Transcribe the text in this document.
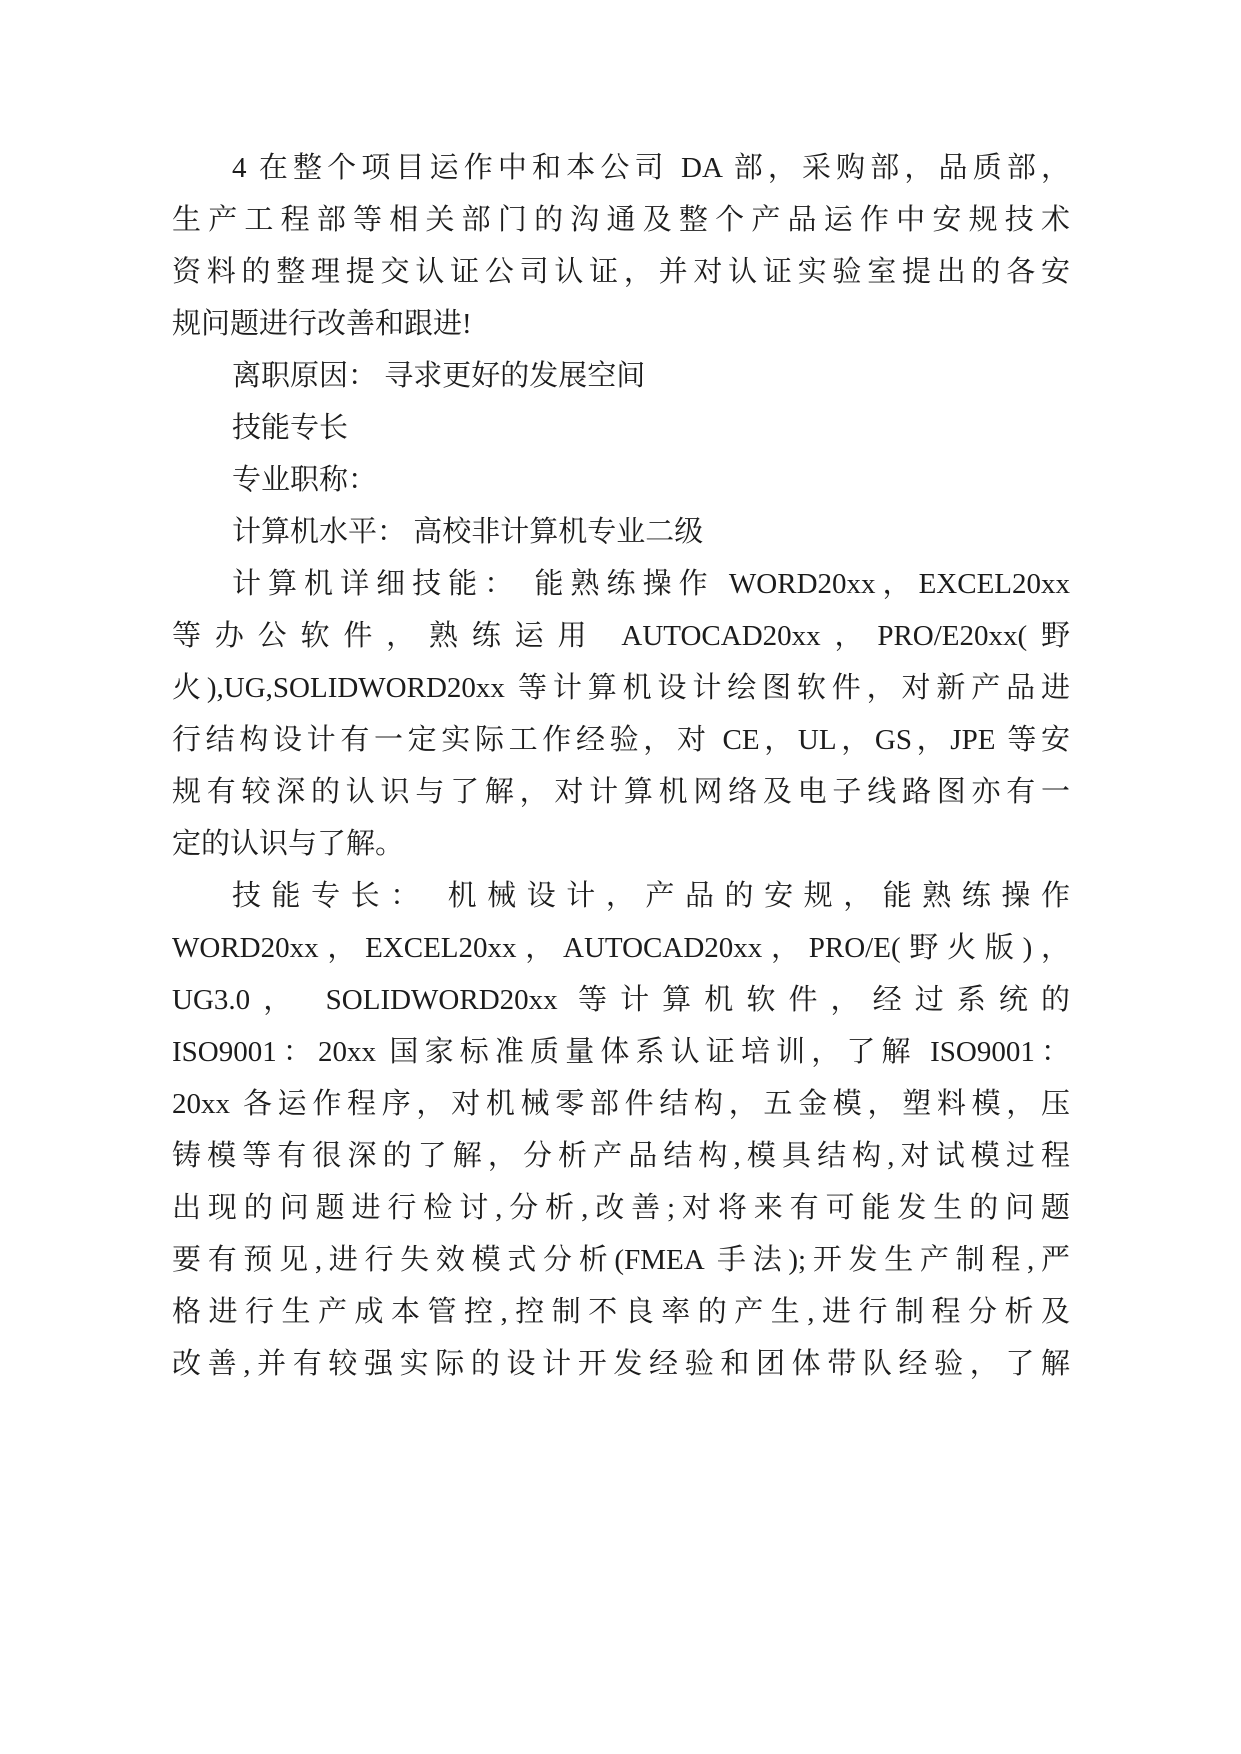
4 在整个项目运作中和本公司 DA 部，采购部，品质部，
生产工程部等相关部门的沟通及整个产品运作中安规技术
资料的整理提交认证公司认证，并对认证实验室提出的各安
规问题进行改善和跟进!
离职原因： 寻求更好的发展空间
技能专长
专业职称：
计算机水平： 高校非计算机专业二级
计算机详细技能： 能熟练操作 WORD20xx，EXCEL20xx
等办公软件，熟练运用 AUTOCAD20xx，PRO/E20xx(野
火),UG,SOLIDWORD20xx 等计算机设计绘图软件，对新产品进
行结构设计有一定实际工作经验，对 CE，UL，GS，JPE 等安
规有较深的认识与了解，对计算机网络及电子线路图亦有一
定的认识与了解。
技能专长： 机械设计，产品的安规，能熟练操作
WORD20xx，EXCEL20xx，AUTOCAD20xx，PRO/E(野火版)，
UG3.0， SOLIDWORD20xx 等计算机软件，经过系统的
ISO9001：20xx 国家标准质量体系认证培训，了解 ISO9001：
20xx 各运作程序，对机械零部件结构，五金模，塑料模，压
铸模等有很深的了解，分析产品结构,模具结构,对试模过程
出现的问题进行检讨,分析,改善;对将来有可能发生的问题
要有预见,进行失效模式分析(FMEA 手法);开发生产制程,严
格进行生产成本管控,控制不良率的产生,进行制程分析及
改善,并有较强实际的设计开发经验和团体带队经验，了解
